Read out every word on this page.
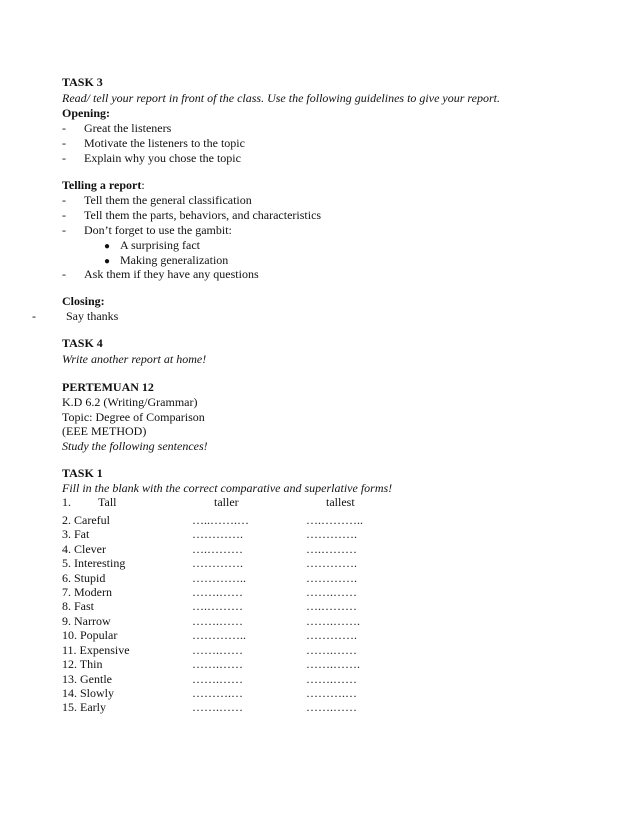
TASK 3
Read/ tell your report in front of the class. Use the following guidelines to give your report.
Opening:
- Great the listeners
- Motivate the listeners to the topic
- Explain why you chose the topic
Telling a report:
- Tell them the general classification
- Tell them the parts, behaviors, and characteristics
- Don’t forget to use the gambit:
● A surprising fact
● Making generalization
- Ask them if they have any questions
Closing:
-	Say thanks
TASK 4
Write another report at home!
PERTEMUAN 12
K.D 6.2 (Writing/Grammar)
Topic: Degree of Comparison
(EEE METHOD)
Study the following sentences!
TASK 1
Fill in the blank with the correct comparative and superlative forms!
1. Tall	taller	tallest
2. Careful	…..…….…	….………..
3. Fat	………….	………….
4. Clever	….………	….………
5. Interesting	………….	………….
6. Stupid	…………..	………….
7. Modern	…….……	…….……
8. Fast	….………	….………
9. Narrow	…….……	…….…….
10. Popular	…………..	………….
11. Expensive	…….……	…….……
12. Thin	…….……	…….…….
13. Gentle	…….……	…….……
14. Slowly	……….…	……….…
15. Early	…….……	…….……
